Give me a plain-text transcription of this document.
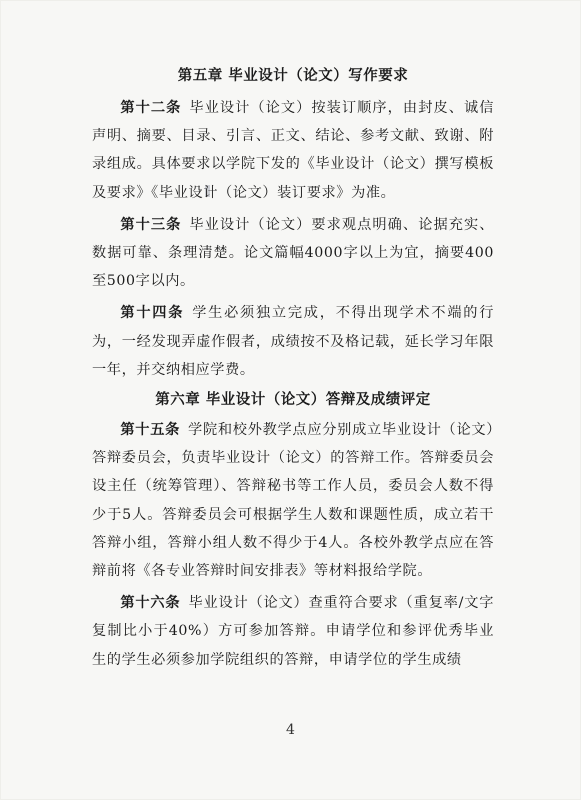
第五章 毕业设计（论文）写作要求

第十二条 毕业设计（论文）按装订顺序，由封皮、诚信声明、摘要、目录、引言、正文、结论、参考文献、致谢、附录组成。具体要求以学院下发的《毕业设计（论文）撰写模板及要求》《毕业设计（论文）装订要求》为准。

第十三条 毕业设计（论文）要求观点明确、论据充实、数据可靠、条理清楚。论文篇幅4000字以上为宜，摘要400至500字以内。

第十四条 学生必须独立完成，不得出现学术不端的行为，一经发现弄虚作假者，成绩按不及格记载，延长学习年限一年，并交纳相应学费。

第六章 毕业设计（论文）答辩及成绩评定

第十五条 学院和校外教学点应分别成立毕业设计（论文）答辩委员会，负责毕业设计（论文）的答辩工作。答辩委员会设主任（统筹管理）、答辩秘书等工作人员，委员会人数不得少于5人。答辩委员会可根据学生人数和课题性质，成立若干答辩小组，答辩小组人数不得少于4人。各校外教学点应在答辩前将《各专业答辩时间安排表》等材料报给学院。

第十六条 毕业设计（论文）查重符合要求（重复率/文字复制比小于40%）方可参加答辩。申请学位和参评优秀毕业生的学生必须参加学院组织的答辩，申请学位的学生成绩

4
